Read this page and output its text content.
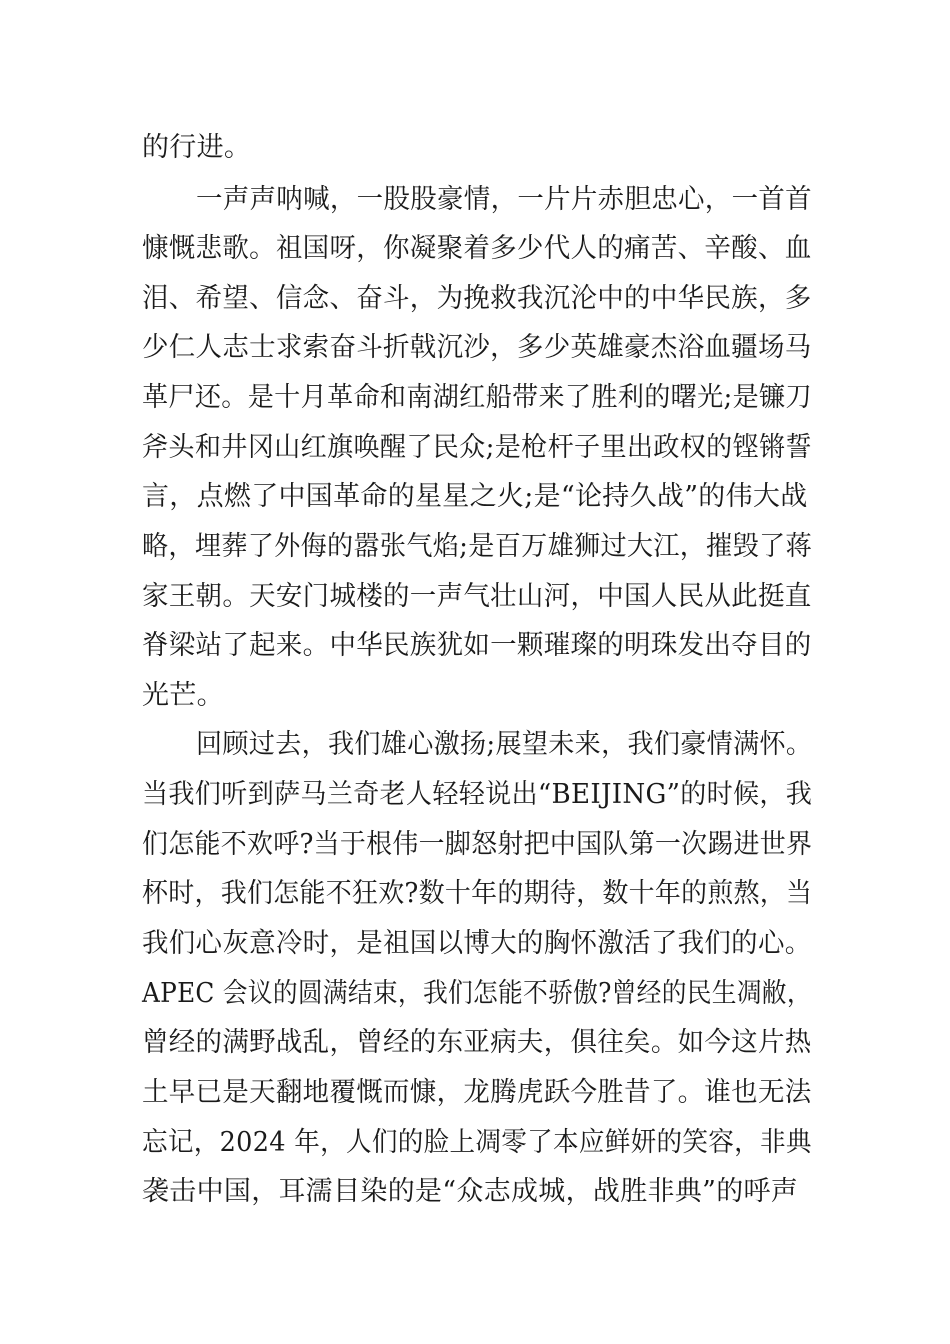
的行进。

一声声呐喊，一股股豪情，一片片赤胆忠心，一首首

慷慨悲歌。祖国呀，你凝聚着多少代人的痛苦、辛酸、血

泪、希望、信念、奋斗，为挽救我沉沦中的中华民族，多

少仁人志士求索奋斗折戟沉沙，多少英雄豪杰浴血疆场马

革尸还。是十月革命和南湖红船带来了胜利的曙光;是镰刀

斧头和井冈山红旗唤醒了民众;是枪杆子里出政权的铿锵誓

言，点燃了中国革命的星星之火;是“论持久战”的伟大战

略，埋葬了外侮的嚣张气焰;是百万雄狮过大江，摧毁了蒋

家王朝。天安门城楼的一声气壮山河，中国人民从此挺直

脊梁站了起来。中华民族犹如一颗璀璨的明珠发出夺目的

光芒。

回顾过去，我们雄心激扬;展望未来，我们豪情满怀。

当我们听到萨马兰奇老人轻轻说出“BEIJING”的时候，我

们怎能不欢呼?当于根伟一脚怒射把中国队第一次踢进世界

杯时，我们怎能不狂欢?数十年的期待，数十年的煎熬，当

我们心灰意冷时，是祖国以博大的胸怀激活了我们的心。

APEC 会议的圆满结束，我们怎能不骄傲?曾经的民生凋敝，

曾经的满野战乱，曾经的东亚病夫，俱往矣。如今这片热

土早已是天翻地覆慨而慷，龙腾虎跃今胜昔了。谁也无法

忘记，2024 年，人们的脸上凋零了本应鲜妍的笑容，非典

袭击中国，耳濡目染的是“众志成城，战胜非典”的呼声
